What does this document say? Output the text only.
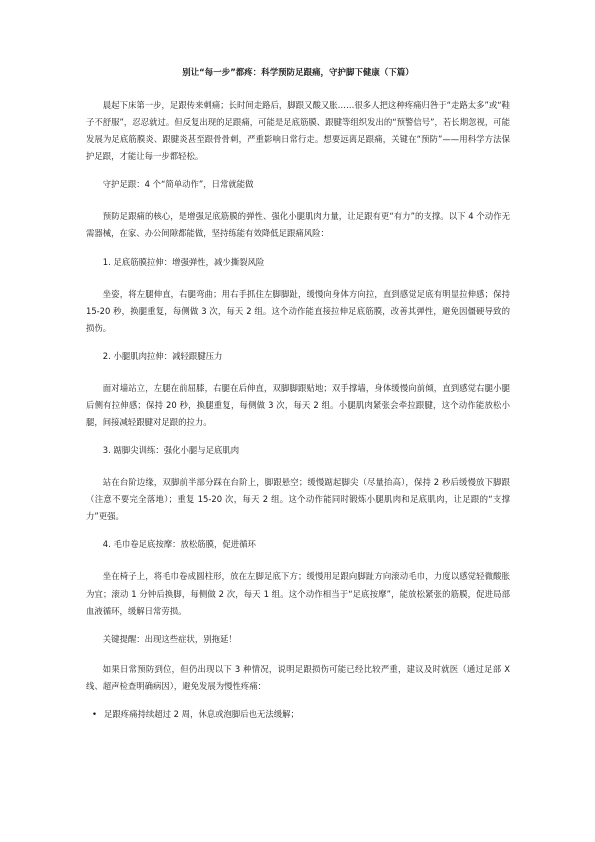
别让“每一步”都疼：科学预防足跟痛，守护脚下健康（下篇）

晨起下床第一步，足跟传来刺痛；长时间走路后，脚跟又酸又胀……很多人把这种疼痛归咎于“走路太多”或“鞋子不舒服”，忍忍就过。但反复出现的足跟痛，可能是足底筋膜、跟腱等组织发出的“预警信号”，若长期忽视，可能发展为足底筋膜炎、跟腱炎甚至跟骨骨刺，严重影响日常行走。想要远离足跟痛，关键在“预防”——用科学方法保护足跟，才能让每一步都轻松。

守护足跟：4 个“简单动作”，日常就能做

预防足跟痛的核心，是增强足底筋膜的弹性、强化小腿肌肉力量，让足跟有更“有力”的支撑。以下 4 个动作无需器械，在家、办公间隙都能做，坚持练能有效降低足跟痛风险：

1. 足底筋膜拉伸：增强弹性，减少撕裂风险

坐姿，将左腿伸直，右腿弯曲；用右手抓住左脚脚趾，缓慢向身体方向拉，直到感觉足底有明显拉伸感；保持 15-20 秒，换腿重复，每侧做 3 次，每天 2 组。这个动作能直接拉伸足底筋膜，改善其弹性，避免因僵硬导致的损伤。

2. 小腿肌肉拉伸：减轻跟腱压力

面对墙站立，左腿在前屈膝，右腿在后伸直，双脚脚跟贴地；双手撑墙，身体缓慢向前倾，直到感觉右腿小腿后侧有拉伸感；保持 20 秒，换腿重复，每侧做 3 次，每天 2 组。小腿肌肉紧张会牵拉跟腱，这个动作能放松小腿，间接减轻跟腱对足跟的拉力。

3. 踮脚尖训练：强化小腿与足底肌肉

站在台阶边缘，双脚前半部分踩在台阶上，脚跟悬空；缓慢踮起脚尖（尽量抬高），保持 2 秒后缓慢放下脚跟（注意不要完全落地）；重复 15-20 次，每天 2 组。这个动作能同时锻炼小腿肌肉和足底肌肉，让足跟的“支撑力”更强。

4. 毛巾卷足底按摩：放松筋膜，促进循环

坐在椅子上，将毛巾卷成圆柱形，放在左脚足底下方；缓慢用足跟向脚趾方向滚动毛巾，力度以感觉轻微酸胀为宜；滚动 1 分钟后换脚，每侧做 2 次，每天 1 组。这个动作相当于“足底按摩”，能放松紧张的筋膜，促进局部血液循环，缓解日常劳损。

关键提醒：出现这些症状，别拖延！

如果日常预防到位，但仍出现以下 3 种情况，说明足跟损伤可能已经比较严重，建议及时就医（通过足部 X 线、超声检查明确病因），避免发展为慢性疼痛：

• 足跟疼痛持续超过 2 周，休息或泡脚后也无法缓解；
